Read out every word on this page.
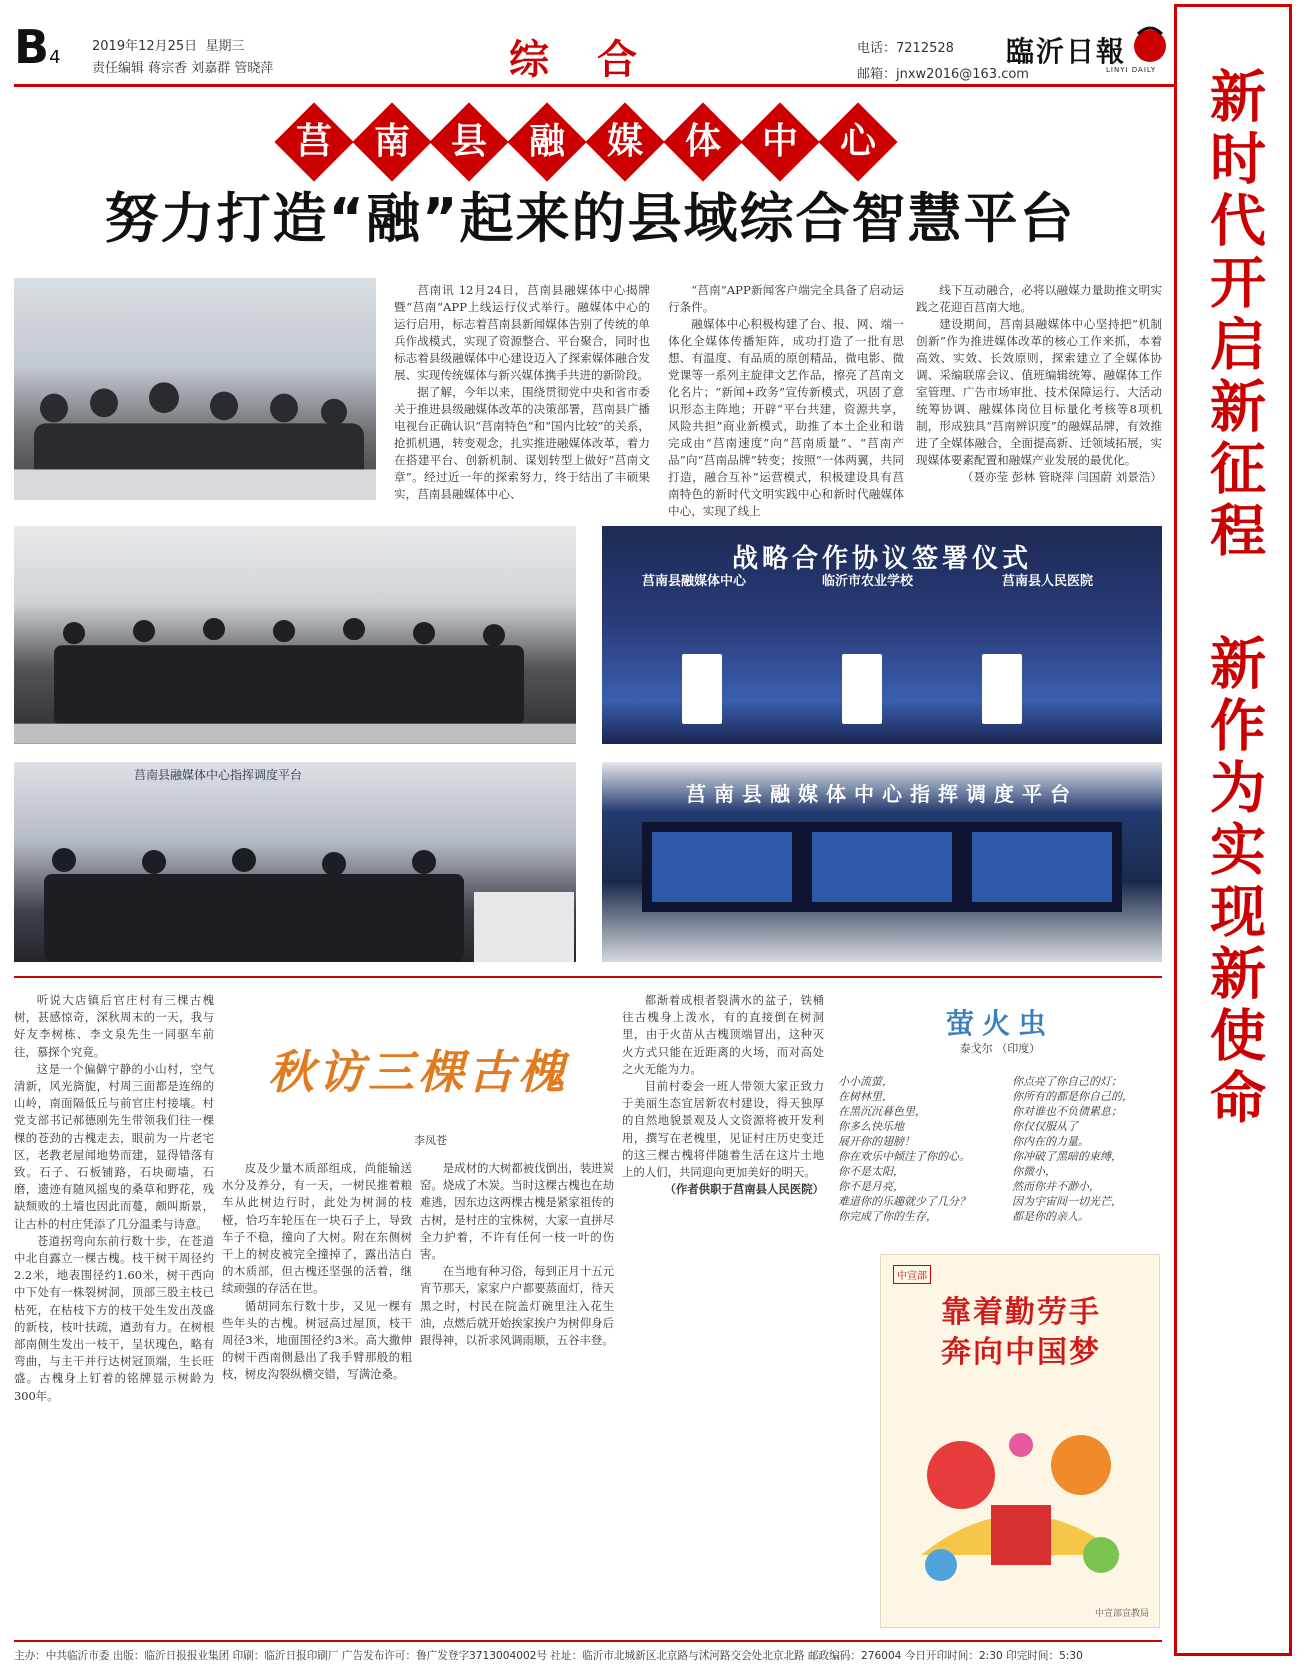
B4
2019年12月25日 星期三
责任编辑 蒋宗香 刘嘉群 管晓萍	综合	电话：7212528
邮箱：jnxw2016@163.com
臨沂日報
LINYI DAILY 新时代开启新征程 新作为实现新使命
莒 南 县 融 媒 体 中 心
努力打造“融”起来的县域综合智慧平台
战略合作协议签署仪式
莒南县融媒体中心	临沂市农业学校	莒南县人民医院
莒南县融媒体中心指挥调度平台
莒南县融媒体中心指挥调度平台

莒南讯 12月24日，莒南县融媒体中心揭牌暨“莒南”APP上线运行仪式举行。融媒体中心的运行启用，标志着莒南县新闻媒体告别了传统的单兵作战模式，实现了资源整合、平台聚合，同时也标志着县级融媒体中心建设迈入了探索媒体融合发展、实现传统媒体与新兴媒体携手共进的新阶段。

据了解，今年以来，围绕贯彻党中央和省市委关于推进县级融媒体改革的决策部署，莒南县广播电视台正确认识“莒南特色”和“国内比较”的关系，抢抓机遇，转变观念，扎实推进融媒体改革，着力在搭建平台、创新机制、谋划转型上做好“莒南文章”。经过近一年的探索努力，终于结出了丰硕果实，莒南县融媒体中心、

“莒南”APP新闻客户端完全具备了启动运行条件。

融媒体中心积极构建了台、报、网、端一体化全媒体传播矩阵，成功打造了一批有思想、有温度、有品质的原创精品，微电影、微党课等一系列主旋律文艺作品，擦亮了莒南文化名片；“新闻+政务”宣传新模式，巩固了意识形态主阵地；开辟“平台共建，资源共享，风险共担”商业新模式，助推了本土企业和谐完成由“莒南速度”向“莒南质量”、“莒南产品”向“莒南品牌”转变；按照“一体两翼，共同打造，融合互补”运营模式，积极建设具有莒南特色的新时代文明实践中心和新时代融媒体中心，实现了线上

线下互动融合，必将以融媒力量助推文明实践之花迎百莒南大地。

建设期间，莒南县融媒体中心坚持把“机制创新”作为推进媒体改革的核心工作来抓，本着高效、实效、长效原则，探索建立了全媒体协调、采编联席会议、值班编辑统筹、融媒体工作室管理、广告市场审批、技术保障运行、大活动统筹协调、融媒体岗位目标量化考核等8项机制，形成独具“莒南辨识度”的融媒品牌，有效推进了全媒体融合，全面提高新、迁领域拓展，实现媒体要素配置和融媒产业发展的最优化。

（聂亦莹 彭林 管晓萍 闫国蔚 刘景浩）
秋访三棵古槐
李凤苍

听说大店镇后官庄村有三棵古槐树，甚感惊奇，深秋周末的一天，我与好友李树栋、李文泉先生一同驱车前往，慕探个究竟。

这是一个偏僻宁静的小山村，空气清新，风光旖旎，村周三面都是连绵的山岭，南面隔低丘与前官庄村接壤。村党支部书记郝德刚先生带领我们往一棵棵的苍劲的古槐走去，眼前为一片老宅区，老教老屋闻地势而建，显得错落有致。石子、石板铺路，石块砌墙，石磨，遗迹有随风摇曳的桑草和野花，残缺颓败的土墙也因此而蔓，颇叫斯景，让古朴的村庄凭添了几分温柔与诗意。

苍道拐弯向东前行数十步，在苍道中北自露立一棵古槐。枝干树干周径约2.2米，地表围径约1.60米，树干西向中下处有一株裂树洞，顶部三股主枝已枯死，在枯枝下方的枝干处生发出茂盛的新枝，枝叶扶疏，遒劲有力。在树根部南侧生发出一枝干，呈状瑰色，略有弯曲，与主干并行达树冠顶端，生长旺盛。古槐身上钉着的铭牌显示树龄为300年。

皮及少量木质部组成，尚能输送水分及养分，有一天，一树民推着粮车从此树边行时，此处为树洞的枝桠，恰巧车轮压在一块石子上，导致车子不稳，撞向了大树。附在东侧树干上的树皮被完全撞掉了，露出洁白的木质部，但古槐还坚强的活着，继续顽强的存活在世。

循胡同东行数十步，又见一棵有些年头的古槐。树冠高过屋顶，枝干周径3米，地面围径约3米。高大撒伸的树干西南侧悬出了我手臂那般的粗枝，树皮沟裂纵横交错，写满沧桑。

是成材的大树都被伐倒出，装进炭窑。烧成了木炭。当时这棵古槐也在劫难逃，因东边这两棵古槐是紧家祖传的古树，是村庄的宝株树，大家一直拼尽全力护着，不许有任何一枝一叶的伤害。

在当地有种习俗，每到正月十五元宵节那天，家家户户都要蒸面灯，待天黑之时，村民在院盖灯碗里注入花生油，点燃后就开始挨家挨户为树仰身后跟得神，以祈求风调雨顺，五谷丰登。

都渐着成根者裂满水的盆子，铁桶往古槐身上泼水，有的直接倒在树洞里，由于火苗从古槐顶端冒出，这种灭火方式只能在近距离的火场，而对高处之火无能为力。

目前村委会一班人带领大家正致力于美丽生态宜居新农村建设，得天独厚的自然地貌景观及人文资源将被开发利用，撰写在老槐里，见证村庄历史变迁的这三棵古槐将伴随着生活在这片土地上的人们，共同迎向更加美好的明天。

（作者供职于莒南县人民医院）
萤火虫
泰戈尔 （印度）
小小流萤，
在树林里，
在黑沉沉暮色里，
你多么快乐地
展开你的翅膀！
你在欢乐中倾注了你的心。
你不是太阳，
你不是月亮，
难道你的乐趣就少了几分？
你完成了你的生存，
你点亮了你自己的灯；
你所有的都是你自己的，
你对谁也不负债累息；
你仅仅服从了
你内在的力量。
你冲破了黑暗的束缚，
你微小，
然而你并不渺小，
因为宇宙间一切光芒，
都是你的亲人。
中宣部
靠着勤劳手
奔向中国梦
中宣部宣教局
主办：中共临沂市委 出版：临沂日报报业集团 印刷：临沂日报印刷厂 广告发布许可：鲁广发登字3713004002号 社址：临沂市北城新区北京路与沭河路交会处北京北路 邮政编码：276004 今日开印时间：2:30 印完时间：5:30
